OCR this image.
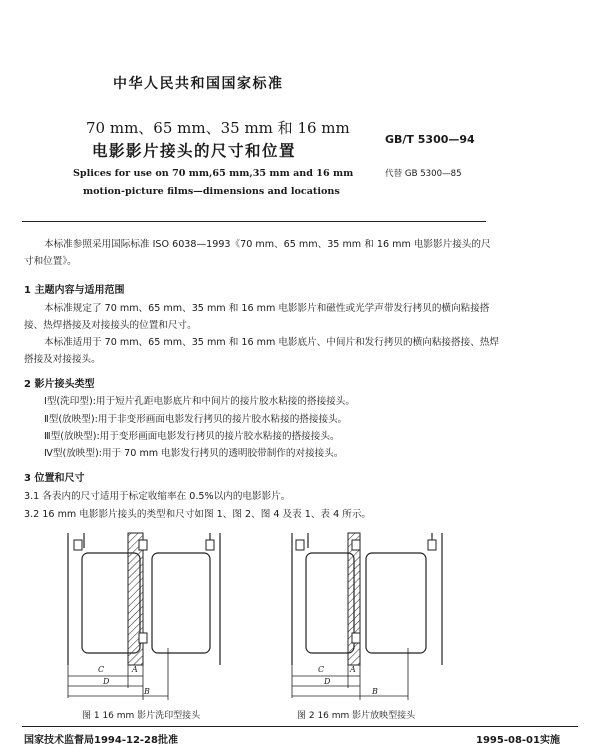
中华人民共和国国家标准
70 mm、65 mm、35 mm 和 16 mm
电影影片接头的尺寸和位置
GB/T 5300—94
代替 GB 5300—85
Splices for use on 70 mm,65 mm,35 mm and 16 mm
motion-picture films—dimensions and locations

本标准参照采用国际标准 ISO 6038—1993《70 mm、65 mm、35 mm 和 16 mm 电影影片接头的尺寸和位置》。

1 主题内容与适用范围

本标准规定了 70 mm、65 mm、35 mm 和 16 mm 电影影片和磁性或光学声带发行拷贝的横向粘接搭接、热焊搭接及对接接头的位置和尺寸。

本标准适用于 70 mm、65 mm、35 mm 和 16 mm 电影底片、中间片和发行拷贝的横向粘接搭接、热焊搭接及对接接头。

2 影片接头类型
Ⅰ型(洗印型):用于短片孔距电影底片和中间片的接片胶水粘接的搭接接头。
Ⅱ型(放映型):用于非变形画面电影发行拷贝的接片胶水粘接的搭接接头。
Ⅲ型(放映型):用于变形画面电影发行拷贝的接片胶水粘接的搭接接头。
Ⅳ型(放映型):用于 70 mm 电影发行拷贝的透明胶带制作的对接接头。
3 位置和尺寸
3.1 各表内的尺寸适用于标定收缩率在 0.5%以内的电影影片。
3.2 16 mm 电影影片接头的类型和尺寸如图 1、图 2、图 4 及表 1、表 4 所示。
C	A
D
B
图 1 16 mm 影片洗印型接头
C	A
D
B
图 2 16 mm 影片放映型接头
国家技术监督局1994-12-28批准	1995-08-01实施
